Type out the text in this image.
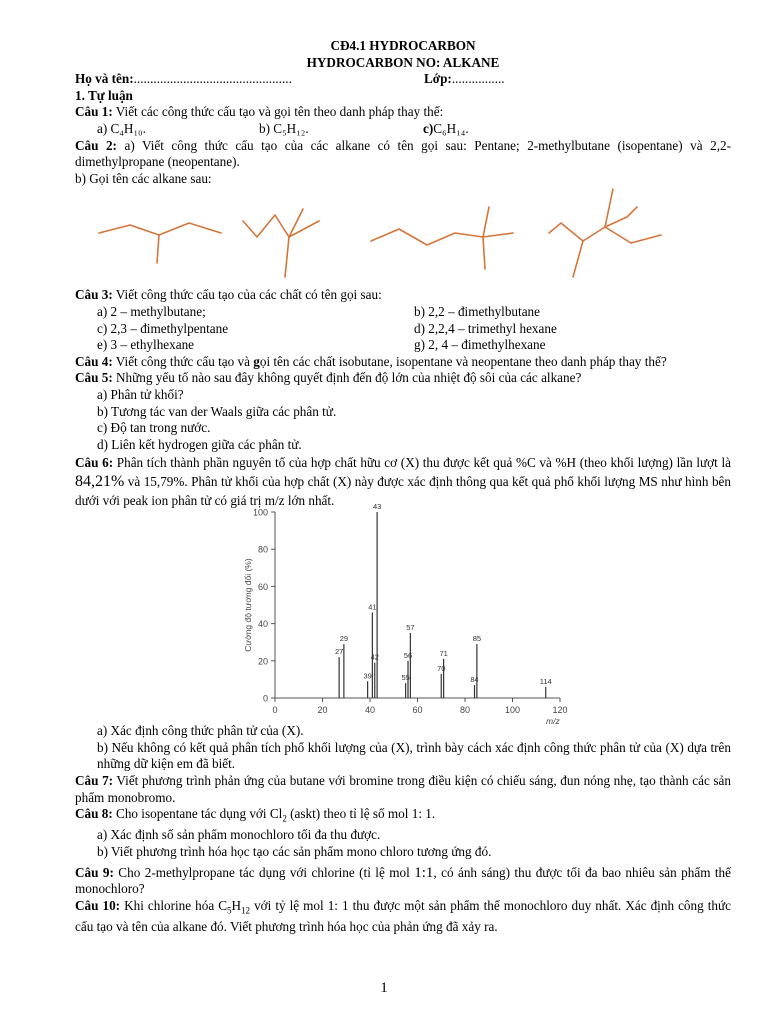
CĐ4.1 HYDROCARBON
HYDROCARBON NO: ALKANE
Họ và tên:................................................	Lớp:................
1. Tự luận
Câu 1: Viết các công thức cấu tạo và gọi tên theo danh pháp thay thế:
a) C₄H₁₀.	b) C₅H₁₂.	c)C₆H₁₄.
Câu 2: a) Viết công thức cấu tạo của các alkane có tên gọi sau: Pentane; 2-methylbutane (isopentane) và 2,2-dimethylpropane (neopentane).
b) Gọi tên các alkane sau:
Câu 3: Viết công thức cấu tạo của các chất có tên gọi sau:
a) 2 – methylbutane;	b) 2,2 – đimethylbutane
c) 2,3 – đimethylpentane	d) 2,2,4 – trimethyl hexane
e) 3 – ethylhexane	g) 2, 4 – đimethylhexane
Câu 4: Viết công thức cấu tạo và gọi tên các chất isobutane, isopentane và neopentane theo danh pháp thay thế?
Câu 5: Những yếu tố nào sau đây không quyết định đến độ lớn của nhiệt độ sôi của các alkane?
a) Phân tử khối?
b) Tương tác van der Waals giữa các phân tử.
c) Độ tan trong nước.
d) Liên kết hydrogen giữa các phân tử.
Câu 6: Phân tích thành phần nguyên tố của hợp chất hữu cơ (X) thu được kết quả %C và %H (theo khối lượng) lần lượt là 84,21% và 15,79%. Phân tử khối của hợp chất (X) này được xác định thông qua kết quả phổ khối lượng MS như hình bên dưới với peak ion phân tử có giá trị m/z lớn nhất.
100
80
60
40
20
0
0	20	40	60	80	100	120
m/z
Cường độ tương đối (%)	27
29
39
41
42
43
55
56
57
70
71
84
85
114
a) Xác định công thức phân tử của (X).
b) Nếu không có kết quả phân tích phổ khối lượng của (X), trình bày cách xác định công thức phân tử của (X) dựa trên những dữ kiện em đã biết.
Câu 7: Viết phương trình phản ứng của butane với bromine trong điều kiện có chiếu sáng, đun nóng nhẹ, tạo thành các sản phẩm monobromo.
Câu 8: Cho isopentane tác dụng với $Cl_2$ (askt) theo tỉ lệ số mol 1: 1.
a) Xác định số sản phẩm monochloro tối đa thu được.
b) Viết phương trình hóa học tạo các sản phẩm mono chloro tương ứng đó.
Câu 9: Cho 2-methylpropane tác dụng với chlorine (tỉ lệ mol 1:1, có ánh sáng) thu được tối đa bao nhiêu sản phẩm thế monochloro?
Câu 10: Khi chlorine hóa $C_5H_{12}$ với tỷ lệ mol 1: 1 thu được một sản phẩm thế monochloro duy nhất. Xác định công thức cấu tạo và tên của alkane đó. Viết phương trình hóa học của phản ứng đã xảy ra.
1
